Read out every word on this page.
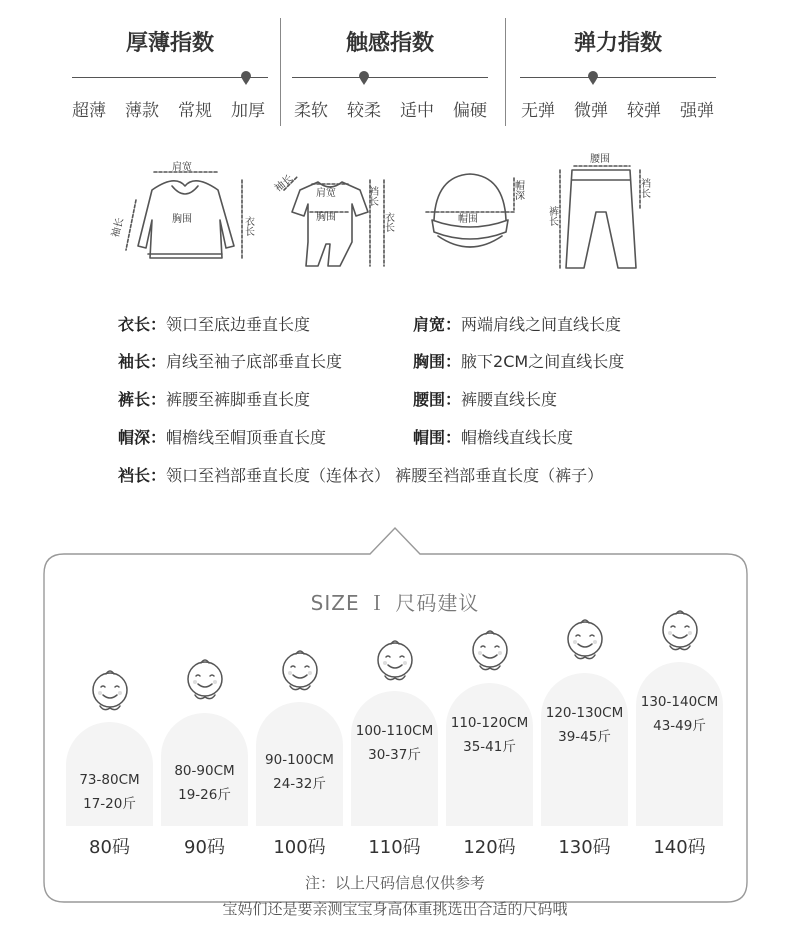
厚薄指数
超薄 薄款 常规 加厚
触感指数
柔软 较柔 适中 偏硬
弹力指数
无弹 微弹 较弹 强弹
肩宽
胸围
袖长	衣长
袖长 肩宽
胸围
裆长
衣长	帽围
帽深
腰围
裤长
裆长
衣长：领口至底边垂直长度	肩宽：两端肩线之间直线长度
袖长：肩线至袖子底部垂直长度	胸围：腋下2CM之间直线长度
裤长：裤腰至裤脚垂直长度	腰围：裤腰直线长度
帽深：帽檐线至帽顶垂直长度	帽围：帽檐线直线长度
裆长：领口至裆部垂直长度（连体衣） 裤腰至裆部垂直长度（裤子）
SIZE Ｉ 尺码建议
73-80CM
17-20斤
80码
80-90CM
19-26斤
90码
90-100CM
24-32斤
100码
100-110CM
30-37斤
110码
110-120CM
35-41斤
120码
120-130CM
39-45斤
130码
130-140CM
43-49斤
140码
注：以上尺码信息仅供参考
宝妈们还是要亲测宝宝身高体重挑选出合适的尺码哦
